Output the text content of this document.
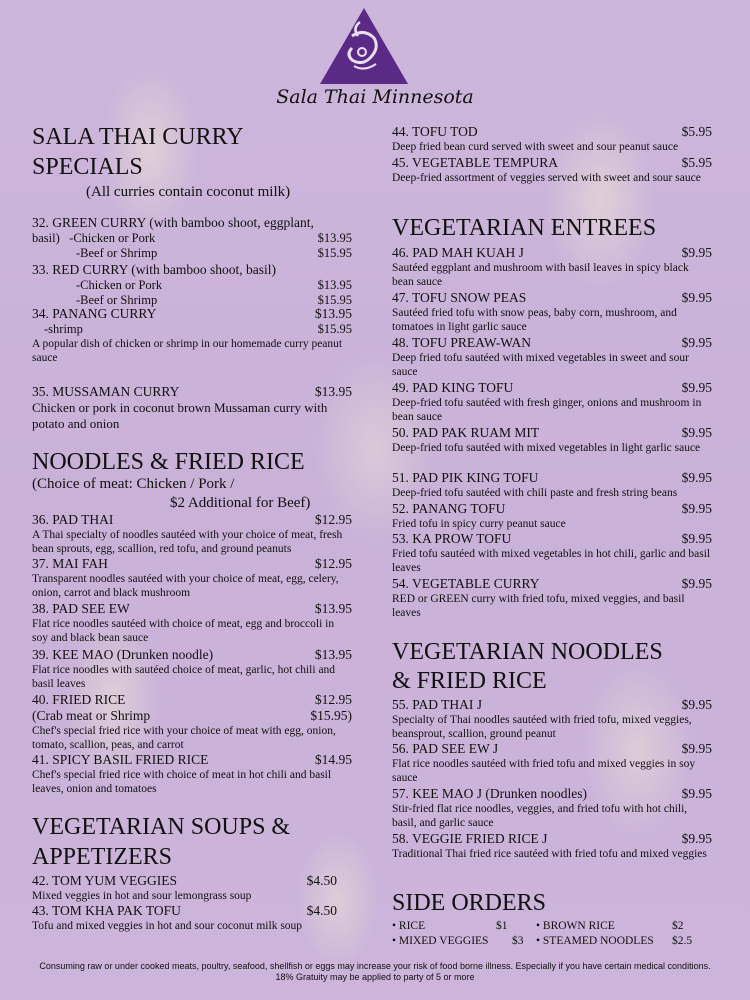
Sala Thai Minnesota
SALA THAI CURRY
SPECIALS
(All curries contain coconut milk)
32. GREEN CURRY (with bamboo shoot, eggplant,
basil) -Chicken or Pork	$13.95
-Beef or Shrimp	$15.95
33. RED CURRY (with bamboo shoot, basil)
-Chicken or Pork	$13.95
-Beef or Shrimp	$15.95
34. PANANG CURRY	$13.95
-shrimp	$15.95
A popular dish of chicken or shrimp in our homemade curry peanut sauce
35. MUSSAMAN CURRY	$13.95
Chicken or pork in coconut brown Mussaman curry with potato and onion
NOODLES & FRIED RICE
(Choice of meat: Chicken / Pork /
$2 Additional for Beef)
36. PAD THAI	$12.95
A Thai specialty of noodles sautéed with your choice of meat, fresh bean sprouts, egg, scallion, red tofu, and ground peanuts
37. MAI FAH	$12.95
Transparent noodles sautéed with your choice of meat, egg, celery, onion, carrot and black mushroom
38. PAD SEE EW	$13.95
Flat rice noodles sautéed with choice of meat, egg and broccoli in soy and black bean sauce
39. KEE MAO (Drunken noodle)	$13.95
Flat rice noodles with sautéed choice of meat, garlic, hot chili and basil leaves
40. FRIED RICE	$12.95
(Crab meat or Shrimp	$15.95)
Chef's special fried rice with your choice of meat with egg, onion, tomato, scallion, peas, and carrot
41. SPICY BASIL FRIED RICE	$14.95
Chef's special fried rice with choice of meat in hot chili and basil leaves, onion and tomatoes
VEGETARIAN SOUPS &
APPETIZERS
42. TOM YUM VEGGIES	$4.50
Mixed veggies in hot and sour lemongrass soup
43. TOM KHA PAK TOFU	$4.50
Tofu and mixed veggies in hot and sour coconut milk soup
44. TOFU TOD	$5.95
Deep fried bean curd served with sweet and sour peanut sauce
45. VEGETABLE TEMPURA	$5.95
Deep-fried assortment of veggies served with sweet and sour sauce
VEGETARIAN ENTREES
46. PAD MAH KUAH J	$9.95
Sautéed eggplant and mushroom with basil leaves in spicy black bean sauce
47. TOFU SNOW PEAS	$9.95
Sautéed fried tofu with snow peas, baby corn, mushroom, and tomatoes in light garlic sauce
48. TOFU PREAW-WAN	$9.95
Deep fried tofu sautéed with mixed vegetables in sweet and sour sauce
49. PAD KING TOFU	$9.95
Deep-fried tofu sautéed with fresh ginger, onions and mushroom in bean sauce
50. PAD PAK RUAM MIT	$9.95
Deep-fried tofu sautéed with mixed vegetables in light garlic sauce
51. PAD PIK KING TOFU	$9.95
Deep-fried tofu sautéed with chili paste and fresh string beans
52. PANANG TOFU	$9.95
Fried tofu in spicy curry peanut sauce
53. KA PROW TOFU	$9.95
Fried tofu sautéed with mixed vegetables in hot chili, garlic and basil leaves
54. VEGETABLE CURRY	$9.95
RED or GREEN curry with fried tofu, mixed veggies, and basil leaves
VEGETARIAN NOODLES
& FRIED RICE
55. PAD THAI J	$9.95
Specialty of Thai noodles sautéed with fried tofu, mixed veggies, beansprout, scallion, ground peanut
56. PAD SEE EW J	$9.95
Flat rice noodles sautéed with fried tofu and mixed veggies in soy sauce
57. KEE MAO J (Drunken noodles)	$9.95
Stir-fried flat rice noodles, veggies, and fried tofu with hot chili, basil, and garlic sauce
58. VEGGIE FRIED RICE J	$9.95
Traditional Thai fried rice sautéed with fried tofu and mixed veggies
SIDE ORDERS
• RICE	$1	• BROWN RICE	$2
• MIXED VEGGIES	$3	• STEAMED NOODLES	$2.5
Consuming raw or under cooked meats, poultry, seafood, shellfish or eggs may increase your risk of food borne illness. Especially if you have certain medical conditions.
18% Gratuity may be applied to party of 5 or more
